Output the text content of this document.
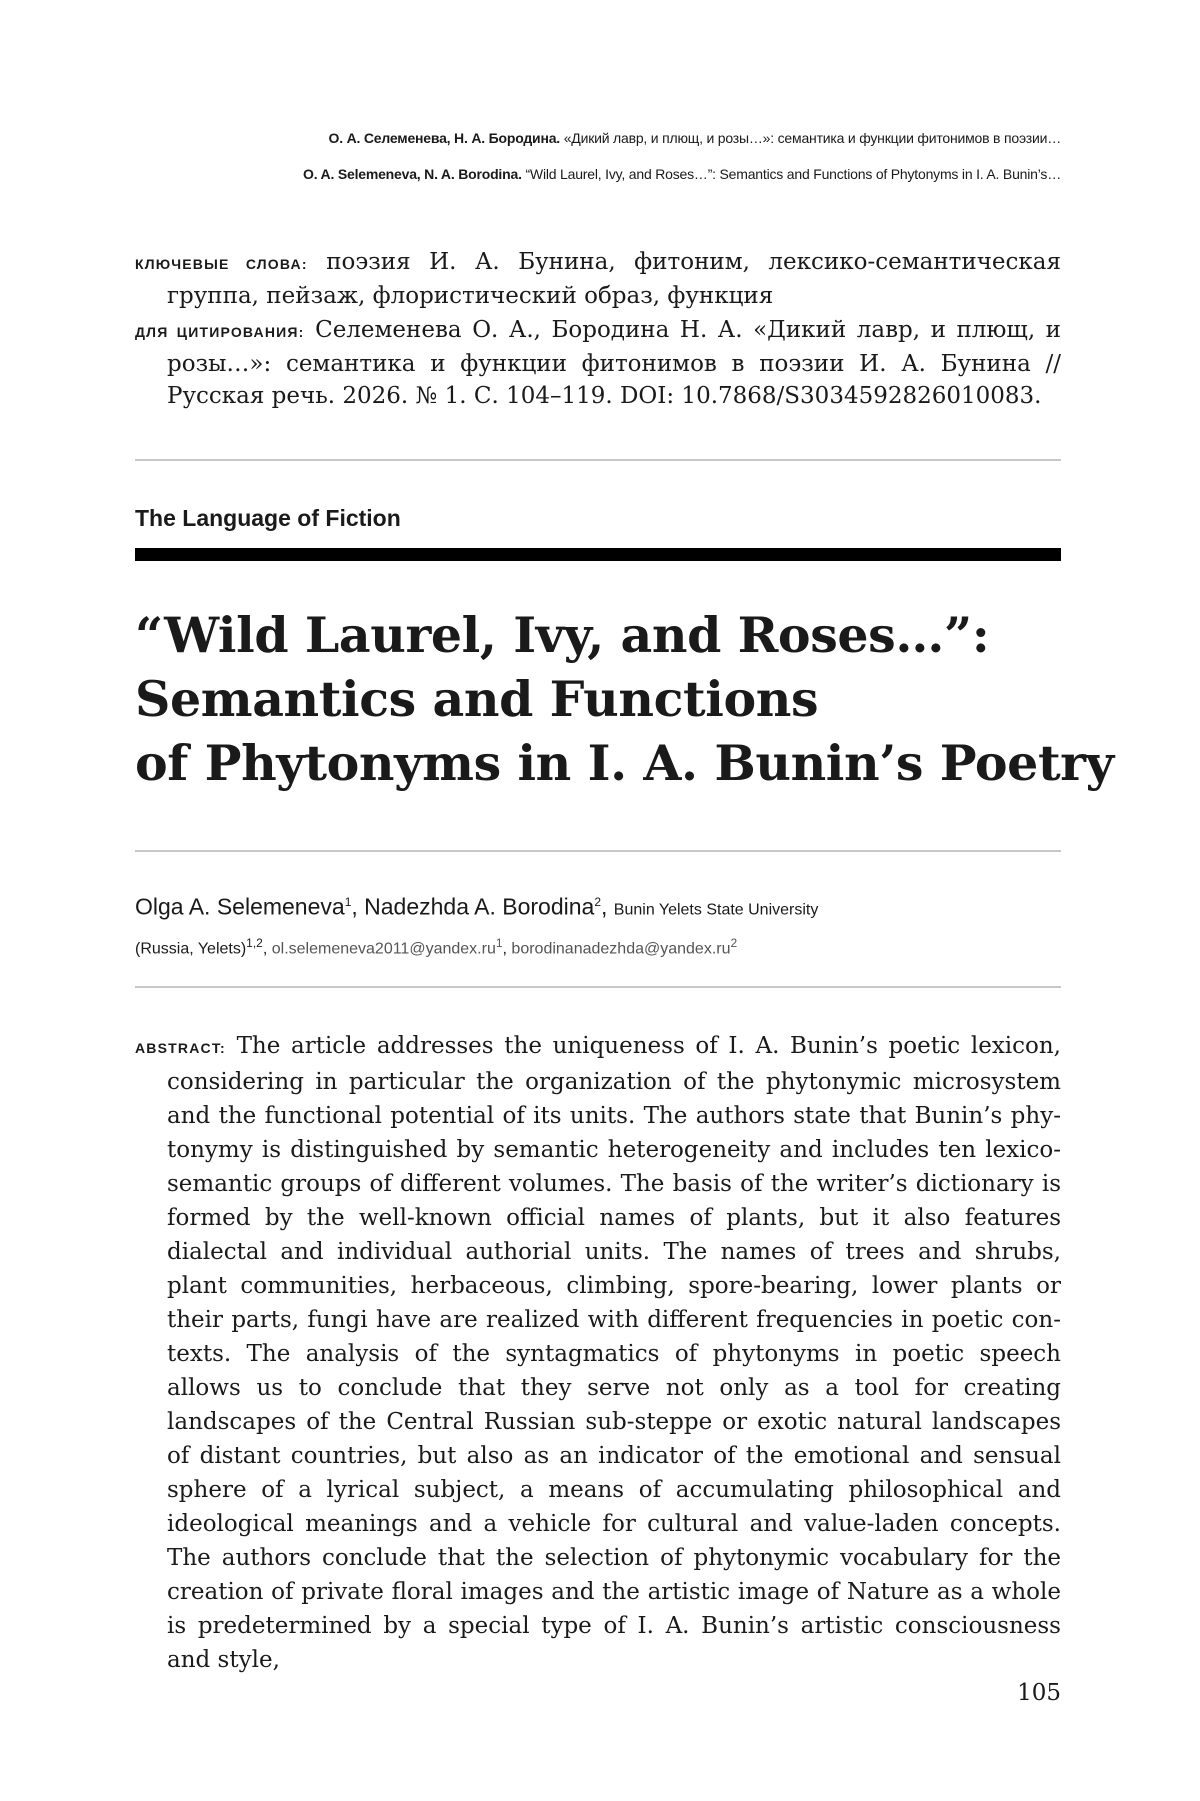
О. А. Селеменева, Н. А. Бородина. «Дикий лавр, и плющ, и розы…»: семантика и функции фитонимов в поэзии…
O. A. Selemeneva, N. A. Borodina. “Wild Laurel, Ivy, and Roses…”: Semantics and Functions of Phytonyms in I. A. Bunin’s…

КЛЮЧЕВЫЕ СЛОВА: поэзия И. А. Бунина, фитоним, лексико-семантическая группа, пейзаж, флористический образ, функция

ДЛЯ ЦИТИРОВАНИЯ: Селеменева О. А., Бородина Н. А. «Дикий лавр, и плющ, и розы…»: семантика и функции фитонимов в поэзии И. А. Бунина // Русская речь. 2026. № 1. С. 104–119. DOI: 10.7868/S3034592826010083.

The Language of Fiction
“Wild Laurel, Ivy, and Roses…”:
Semantics and Functions
of Phytonyms in I. A. Bunin’s Poetry
Olga A. Selemeneva$^1$, Nadezhda A. Borodina$^2$, Bunin Yelets State University
(Russia, Yelets)$^{1,2}$, $ol.selemeneva2011@yandex.ru^1$, $borodinanadezhda@yandex.ru^2$

ABSTRACT: The article addresses the uniqueness of I. A. Bunin’s poetic lexicon, considering in particular the organization of the phytonymic microsystem and the functional potential of its units. The authors state that Bunin’s phytonymy is distinguished by semantic heterogeneity and includes ten lexico-semantic groups of different volumes. The basis of the writer’s dictionary is formed by the well-known official names of plants, but it also features dialectal and individual authorial units. The names of trees and shrubs, plant communities, herbaceous, climbing, spore-bearing, lower plants or their parts, fungi have are realized with different frequencies in poetic contexts. The analysis of the syntagmatics of phytonyms in poetic speech allows us to conclude that they serve not only as a tool for creating landscapes of the Central Russian sub-steppe or exotic natural landscapes of distant countries, but also as an indicator of the emotional and sensual sphere of a lyrical subject, a means of accumulating philosophical and ideological meanings and a vehicle for cultural and value-laden concepts. The authors conclude that the selection of phytonymic vocabulary for the creation of private floral images and the artistic image of Nature as a whole is predetermined by a special type of I. A. Bunin’s artistic consciousness and style,

105
